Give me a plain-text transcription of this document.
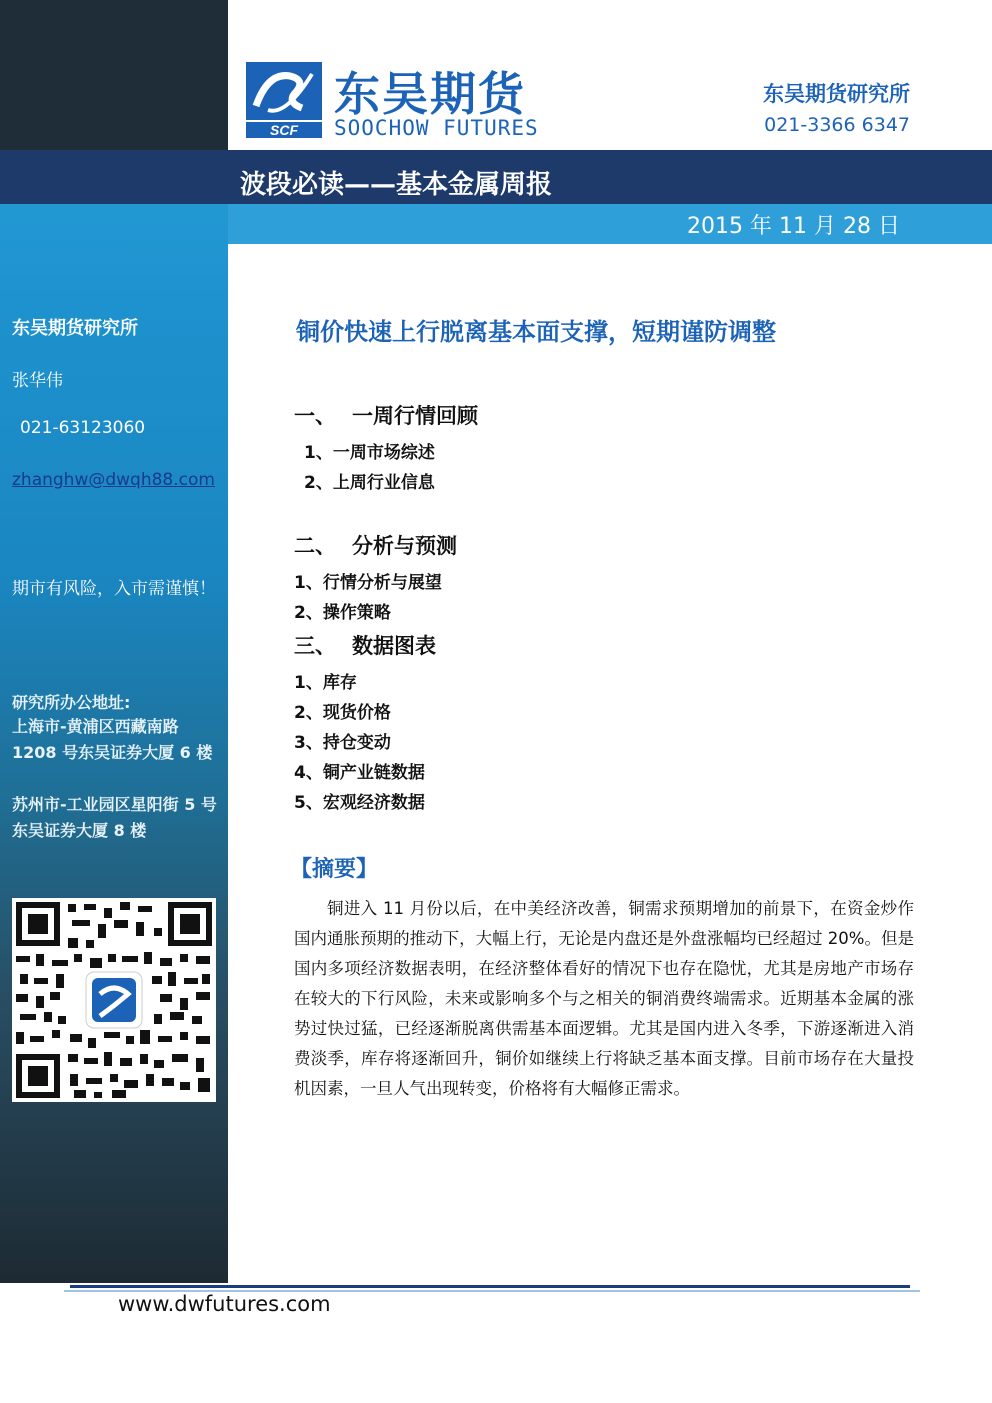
东吴期货研究所
张华伟
021-63123060
zhanghw@dwqh88.com
期市有风险，入市需谨慎！
研究所办公地址:
上海市-黄浦区西藏南路 1208 号东吴证券大厦 6 楼
苏州市-工业园区星阳街 5 号东吴证券大厦 8 楼
SCF
东吴期货
SOOCHOW FUTURES
东吴期货研究所
021-3366 6347
波段必读——基本金属周报
2015 年 11 月 28 日
铜价快速上行脱离基本面支撑，短期谨防调整
一、 一周行情回顾
1、一周市场综述
2、上周行业信息
二、 分析与预测
1、行情分析与展望
2、操作策略
三、 数据图表
1、库存
2、现货价格
3、持仓变动
4、铜产业链数据
5、宏观经济数据
【摘要】
铜进入 11 月份以后，在中美经济改善，铜需求预期增加的前景下，在资金炒作国内通胀预期的推动下，大幅上行，无论是内盘还是外盘涨幅均已经超过 20%。但是国内多项经济数据表明，在经济整体看好的情况下也存在隐忧，尤其是房地产市场存在较大的下行风险，未来或影响多个与之相关的铜消费终端需求。近期基本金属的涨势过快过猛，已经逐渐脱离供需基本面逻辑。尤其是国内进入冬季，下游逐渐进入消费淡季，库存将逐渐回升，铜价如继续上行将缺乏基本面支撑。目前市场存在大量投机因素，一旦人气出现转变，价格将有大幅修正需求。
www.dwfutures.com
